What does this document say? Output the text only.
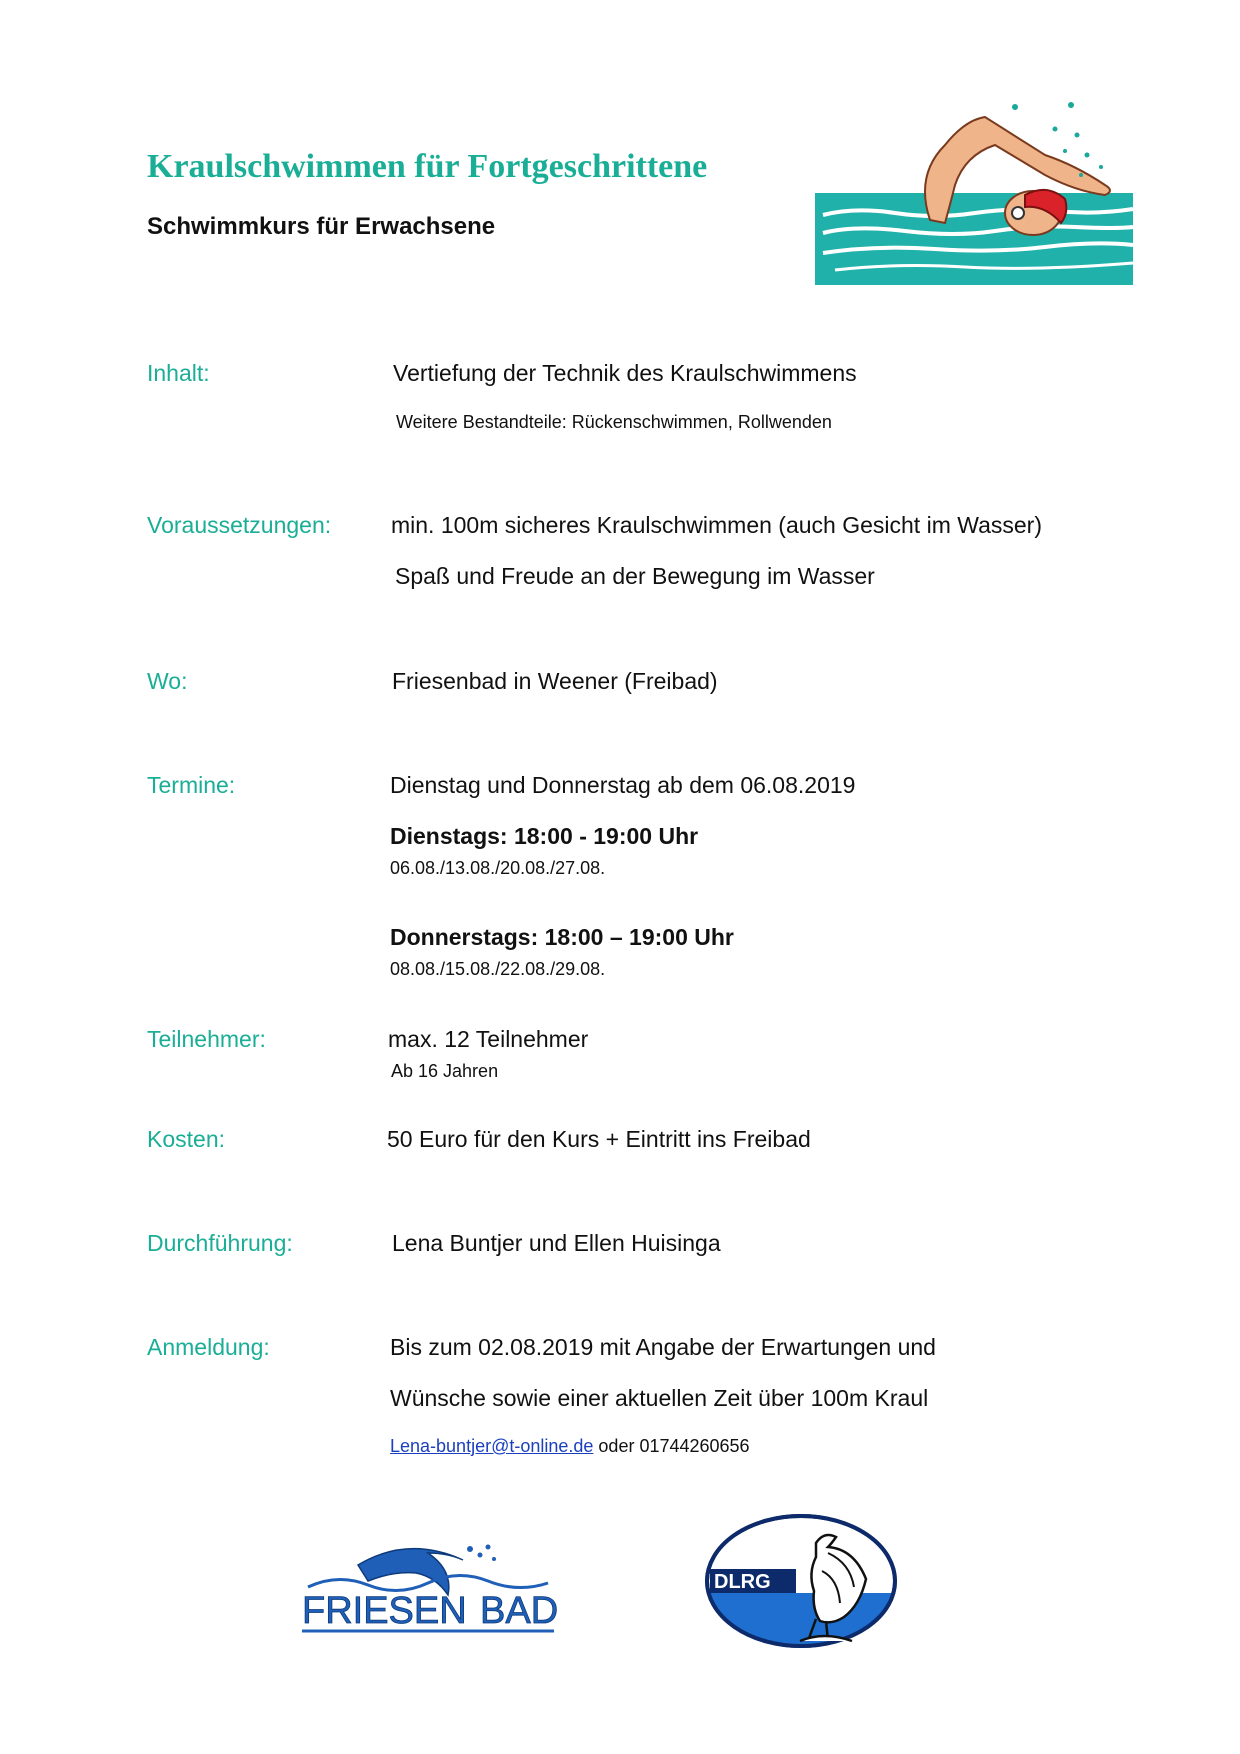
Kraulschwimmen für Fortgeschrittene
Schwimmkurs für Erwachsene
Inhalt:	Vertiefung der Technik des Kraulschwimmens
Weitere Bestandteile: Rückenschwimmen, Rollwenden
Voraussetzungen:	min. 100m sicheres Kraulschwimmen (auch Gesicht im Wasser)
Spaß und Freude an der Bewegung im Wasser
Wo:	Friesenbad in Weener (Freibad)
Termine:	Dienstag und Donnerstag ab dem 06.08.2019
Dienstags: 18:00 - 19:00 Uhr
06.08./13.08./20.08./27.08.
Donnerstags: 18:00 – 19:00 Uhr
08.08./15.08./22.08./29.08.
Teilnehmer:	max. 12 Teilnehmer
Ab 16 Jahren
Kosten:	50 Euro für den Kurs + Eintritt ins Freibad
Durchführung:	Lena Buntjer und Ellen Huisinga
Anmeldung:	Bis zum 02.08.2019 mit Angabe der Erwartungen und
Wünsche sowie einer aktuellen Zeit über 100m Kraul
Lena-buntjer@t-online.de oder 01744260656
FRIESEN BAD
DLRG
